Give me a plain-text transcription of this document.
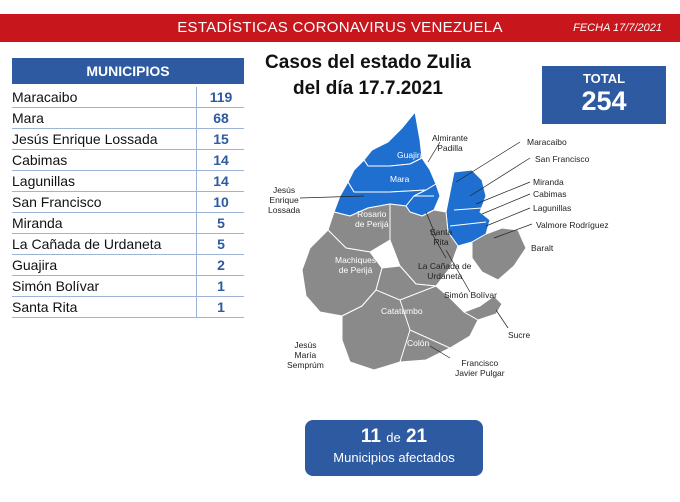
ESTADÍSTICAS CORONAVIRUS VENEZUELA	FECHA 17/7/2021
MUNICIPIOS
Maracaibo	119
Mara	68
Jesús Enrique Lossada	15
Cabimas	14
Lagunillas	14
San Francisco	10
Miranda	5
La Cañada de Urdaneta	5
Guajira	2
Simón Bolívar	1
Santa Rita	1
Casos del estado Zulia
del día 17.7.2021	TOTAL
254
Guajira
Mara
Almirante
Padilla
Maracaibo
San Francisco
Miranda
Cabimas
Lagunillas
Valmore Rodríguez
Baralt
Jesús
Enrique
Lossada	Rosario
de Perijá
Santa
Rita
Machiques
de Perijá	La Cañada de
Urdaneta
Simón Bolívar
Catatumbo
Sucre
Jesús
María
Semprúm
Colón
Francisco
Javier Pulgar
11 de 21
Municipios afectados
